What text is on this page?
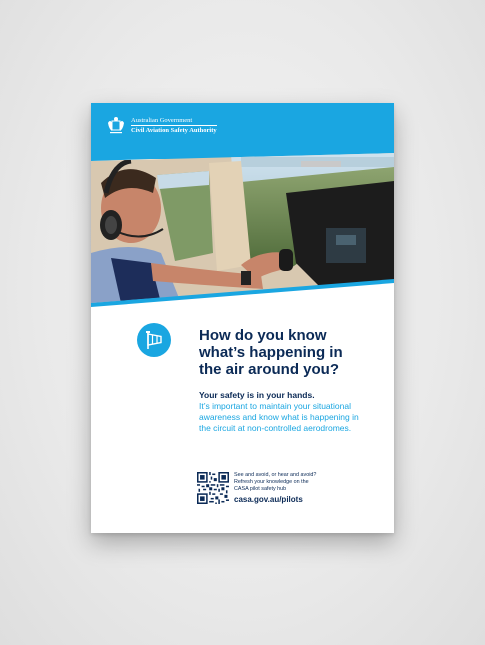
Australian Government
Civil Aviation Safety Authority
How do you know
what’s happening in
the air around you?
Your safety is in your hands.
It’s important to maintain your situational
awareness and know what is happening in
the circuit at non-controlled aerodromes.
See and avoid, or hear and avoid?
Refresh your knowledge on the
CASA pilot safety hub
casa.gov.au/pilots
